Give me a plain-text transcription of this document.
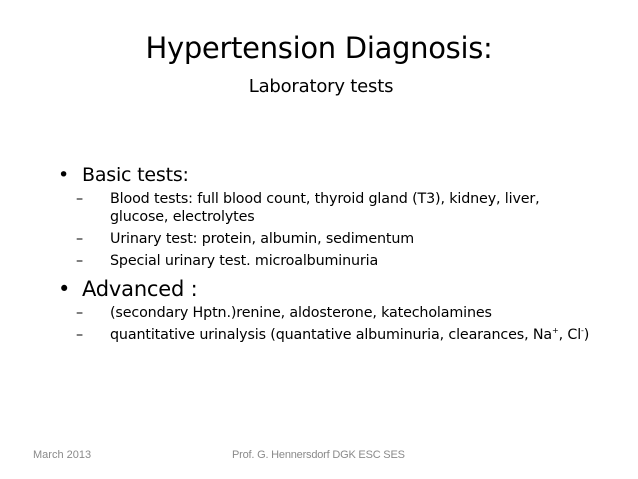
Hypertension Diagnosis:
Laboratory tests
• Basic tests:
– Blood tests: full blood count, thyroid gland (T3), kidney, liver, glucose, electrolytes
– Urinary test: protein, albumin, sedimentum
– Special urinary test. microalbuminuria
• Advanced :
– (secondary Hptn.)renine, aldosterone, katecholamines
– quantitative urinalysis (quantative albuminuria, clearances, Na+, Cl-)
March 2013	Prof. G. Hennersdorf DGK ESC SES
